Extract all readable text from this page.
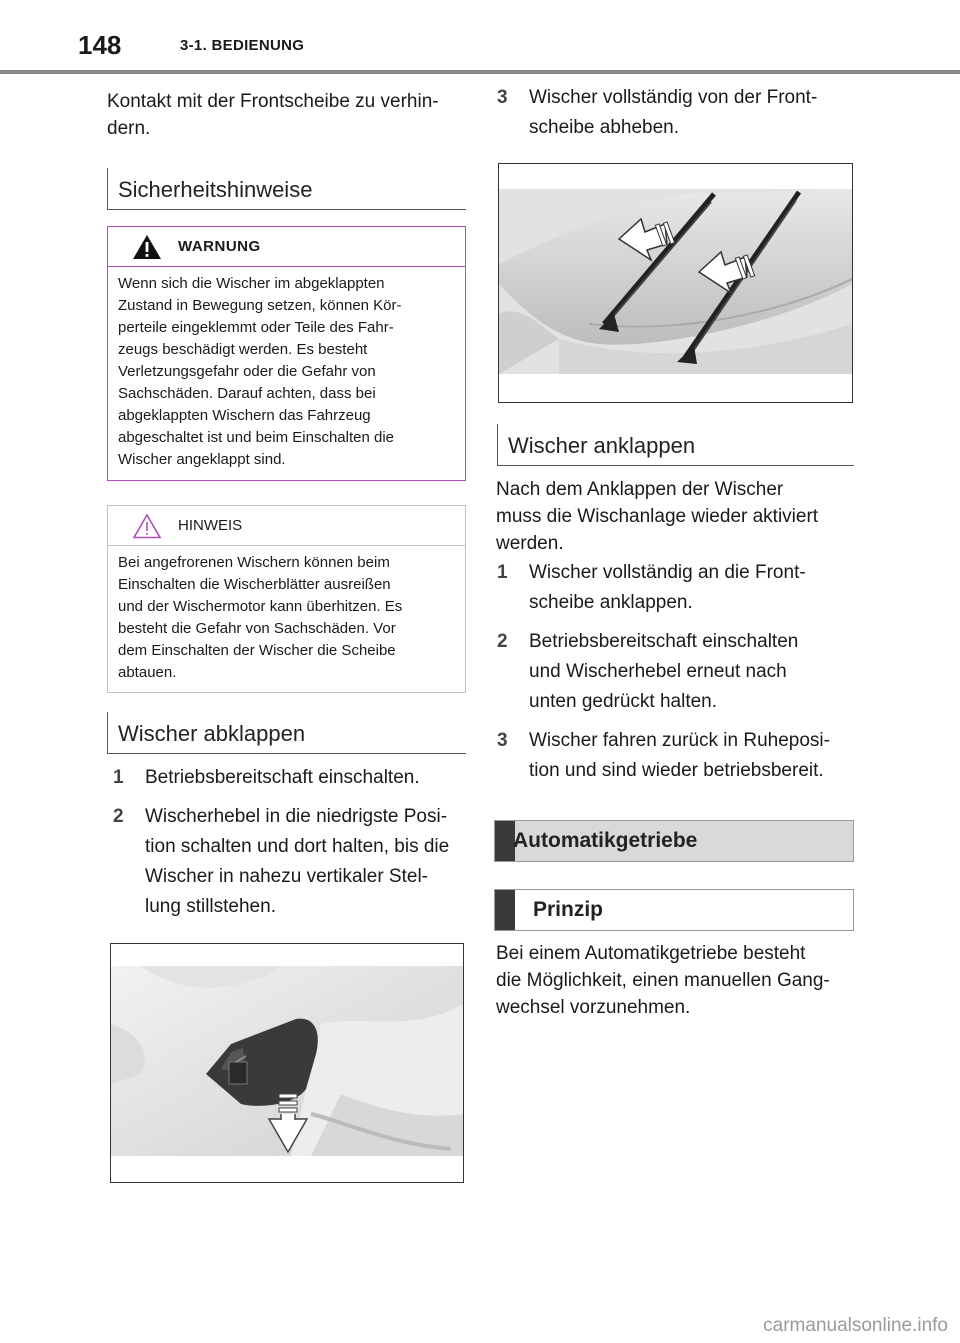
148	3-1. BEDIENUNG
Kontakt mit der Frontscheibe zu verhin-
dern.
Sicherheitshinweise
WARNUNG
Wenn sich die Wischer im abgeklappten
Zustand in Bewegung setzen, können Kör-
perteile eingeklemmt oder Teile des Fahr-
zeugs beschädigt werden. Es besteht
Verletzungsgefahr oder die Gefahr von
Sachschäden. Darauf achten, dass bei
abgeklappten Wischern das Fahrzeug
abgeschaltet ist und beim Einschalten die
Wischer angeklappt sind.
HINWEIS
Bei angefrorenen Wischern können beim
Einschalten die Wischerblätter ausreißen
und der Wischermotor kann überhitzen. Es
besteht die Gefahr von Sachschäden. Vor
dem Einschalten der Wischer die Scheibe
abtauen.
Wischer abklappen
1 Betriebsbereitschaft einschalten.
2 Wischerhebel in die niedrigste Posi-
tion schalten und dort halten, bis die
Wischer in nahezu vertikaler Stel-
lung stillstehen.
3 Wischer vollständig von der Front-
scheibe abheben.
Wischer anklappen
Nach dem Anklappen der Wischer
muss die Wischanlage wieder aktiviert
werden.
1 Wischer vollständig an die Front-
scheibe anklappen.
2 Betriebsbereitschaft einschalten
und Wischerhebel erneut nach
unten gedrückt halten.
3 Wischer fahren zurück in Ruheposi-
tion und sind wieder betriebsbereit.
Automatikgetriebe
Prinzip
Bei einem Automatikgetriebe besteht
die Möglichkeit, einen manuellen Gang-
wechsel vorzunehmen.
carmanualsonline.info
